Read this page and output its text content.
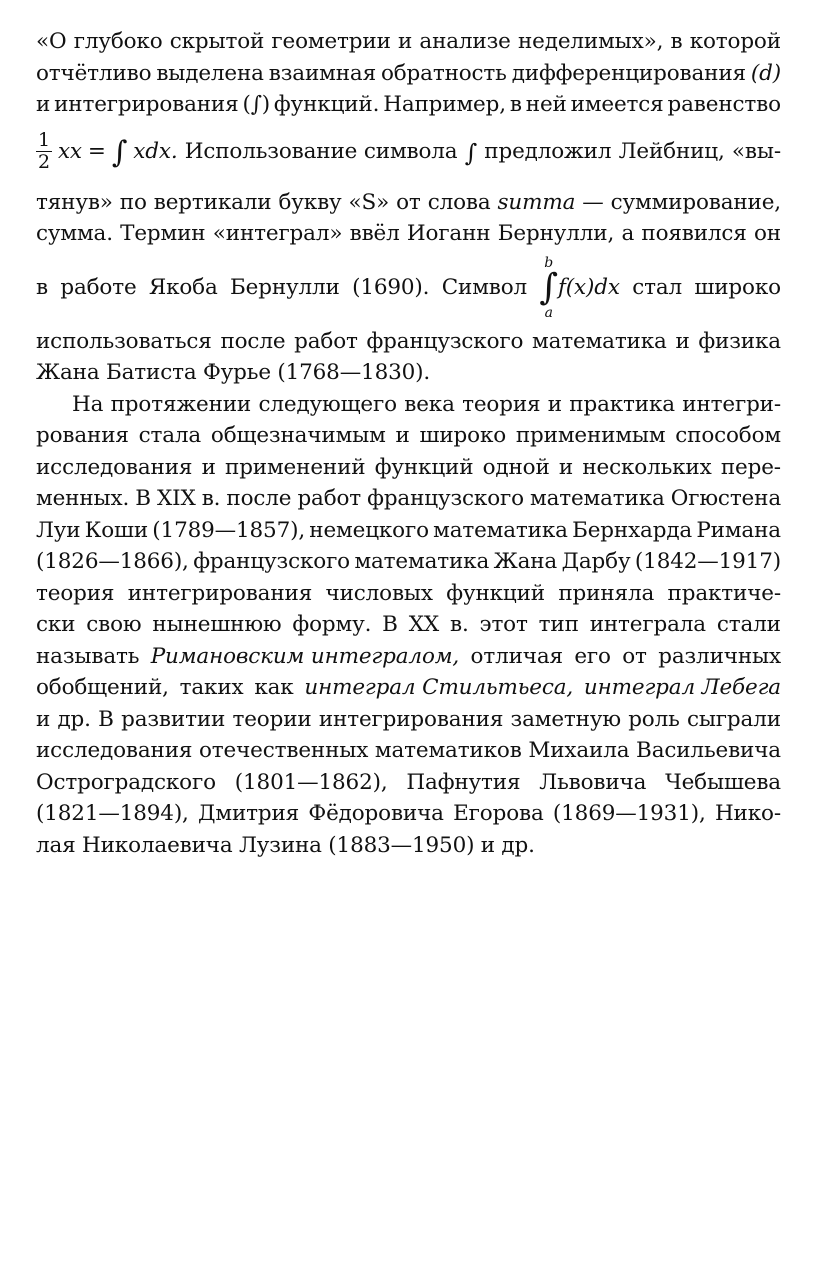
«О глубоко скрытой геометрии и анализе неделимых», в которой
отчётливо выделена взаимная обратность дифференцирования (d)
и интегрирования (∫) функций. Например, в ней имеется равенство
$\frac{1}{2}$ xx = ∫ xdx. Использование символа ∫ предложил Лейбниц, «вы-
тянув» по вертикали букву «S» от слова summa — суммирование,
сумма. Термин «интеграл» ввёл Иоганн Бернулли, а появился он
в работе Якоба Бернулли (1690). Символ
b
∫
a
f(x)dx стал широко
использоваться после работ французского математика и физика
Жана Батиста Фурье (1768—1830).
На протяжении следующего века теория и практика интегри-
рования стала общезначимым и широко применимым способом
исследования и применений функций одной и нескольких пере-
менных. В XIX в. после работ французского математика Огюстена
Луи Коши (1789—1857), немецкого математика Бернхарда Римана
(1826—1866), французского математика Жана Дарбу (1842—1917)
теория интегрирования числовых функций приняла практиче-
ски свою нынешнюю форму. В XX в. этот тип интеграла стали
называть Римановским интегралом, отличая его от различных
обобщений, таких как интеграл Стильтьеса, интеграл Лебега
и др. В развитии теории интегрирования заметную роль сыграли
исследования отечественных математиков Михаила Васильевича
Остроградского (1801—1862), Пафнутия Львовича Чебышева
(1821—1894), Дмитрия Фёдоровича Егорова (1869—1931), Нико-
лая Николаевича Лузина (1883—1950) и др.
